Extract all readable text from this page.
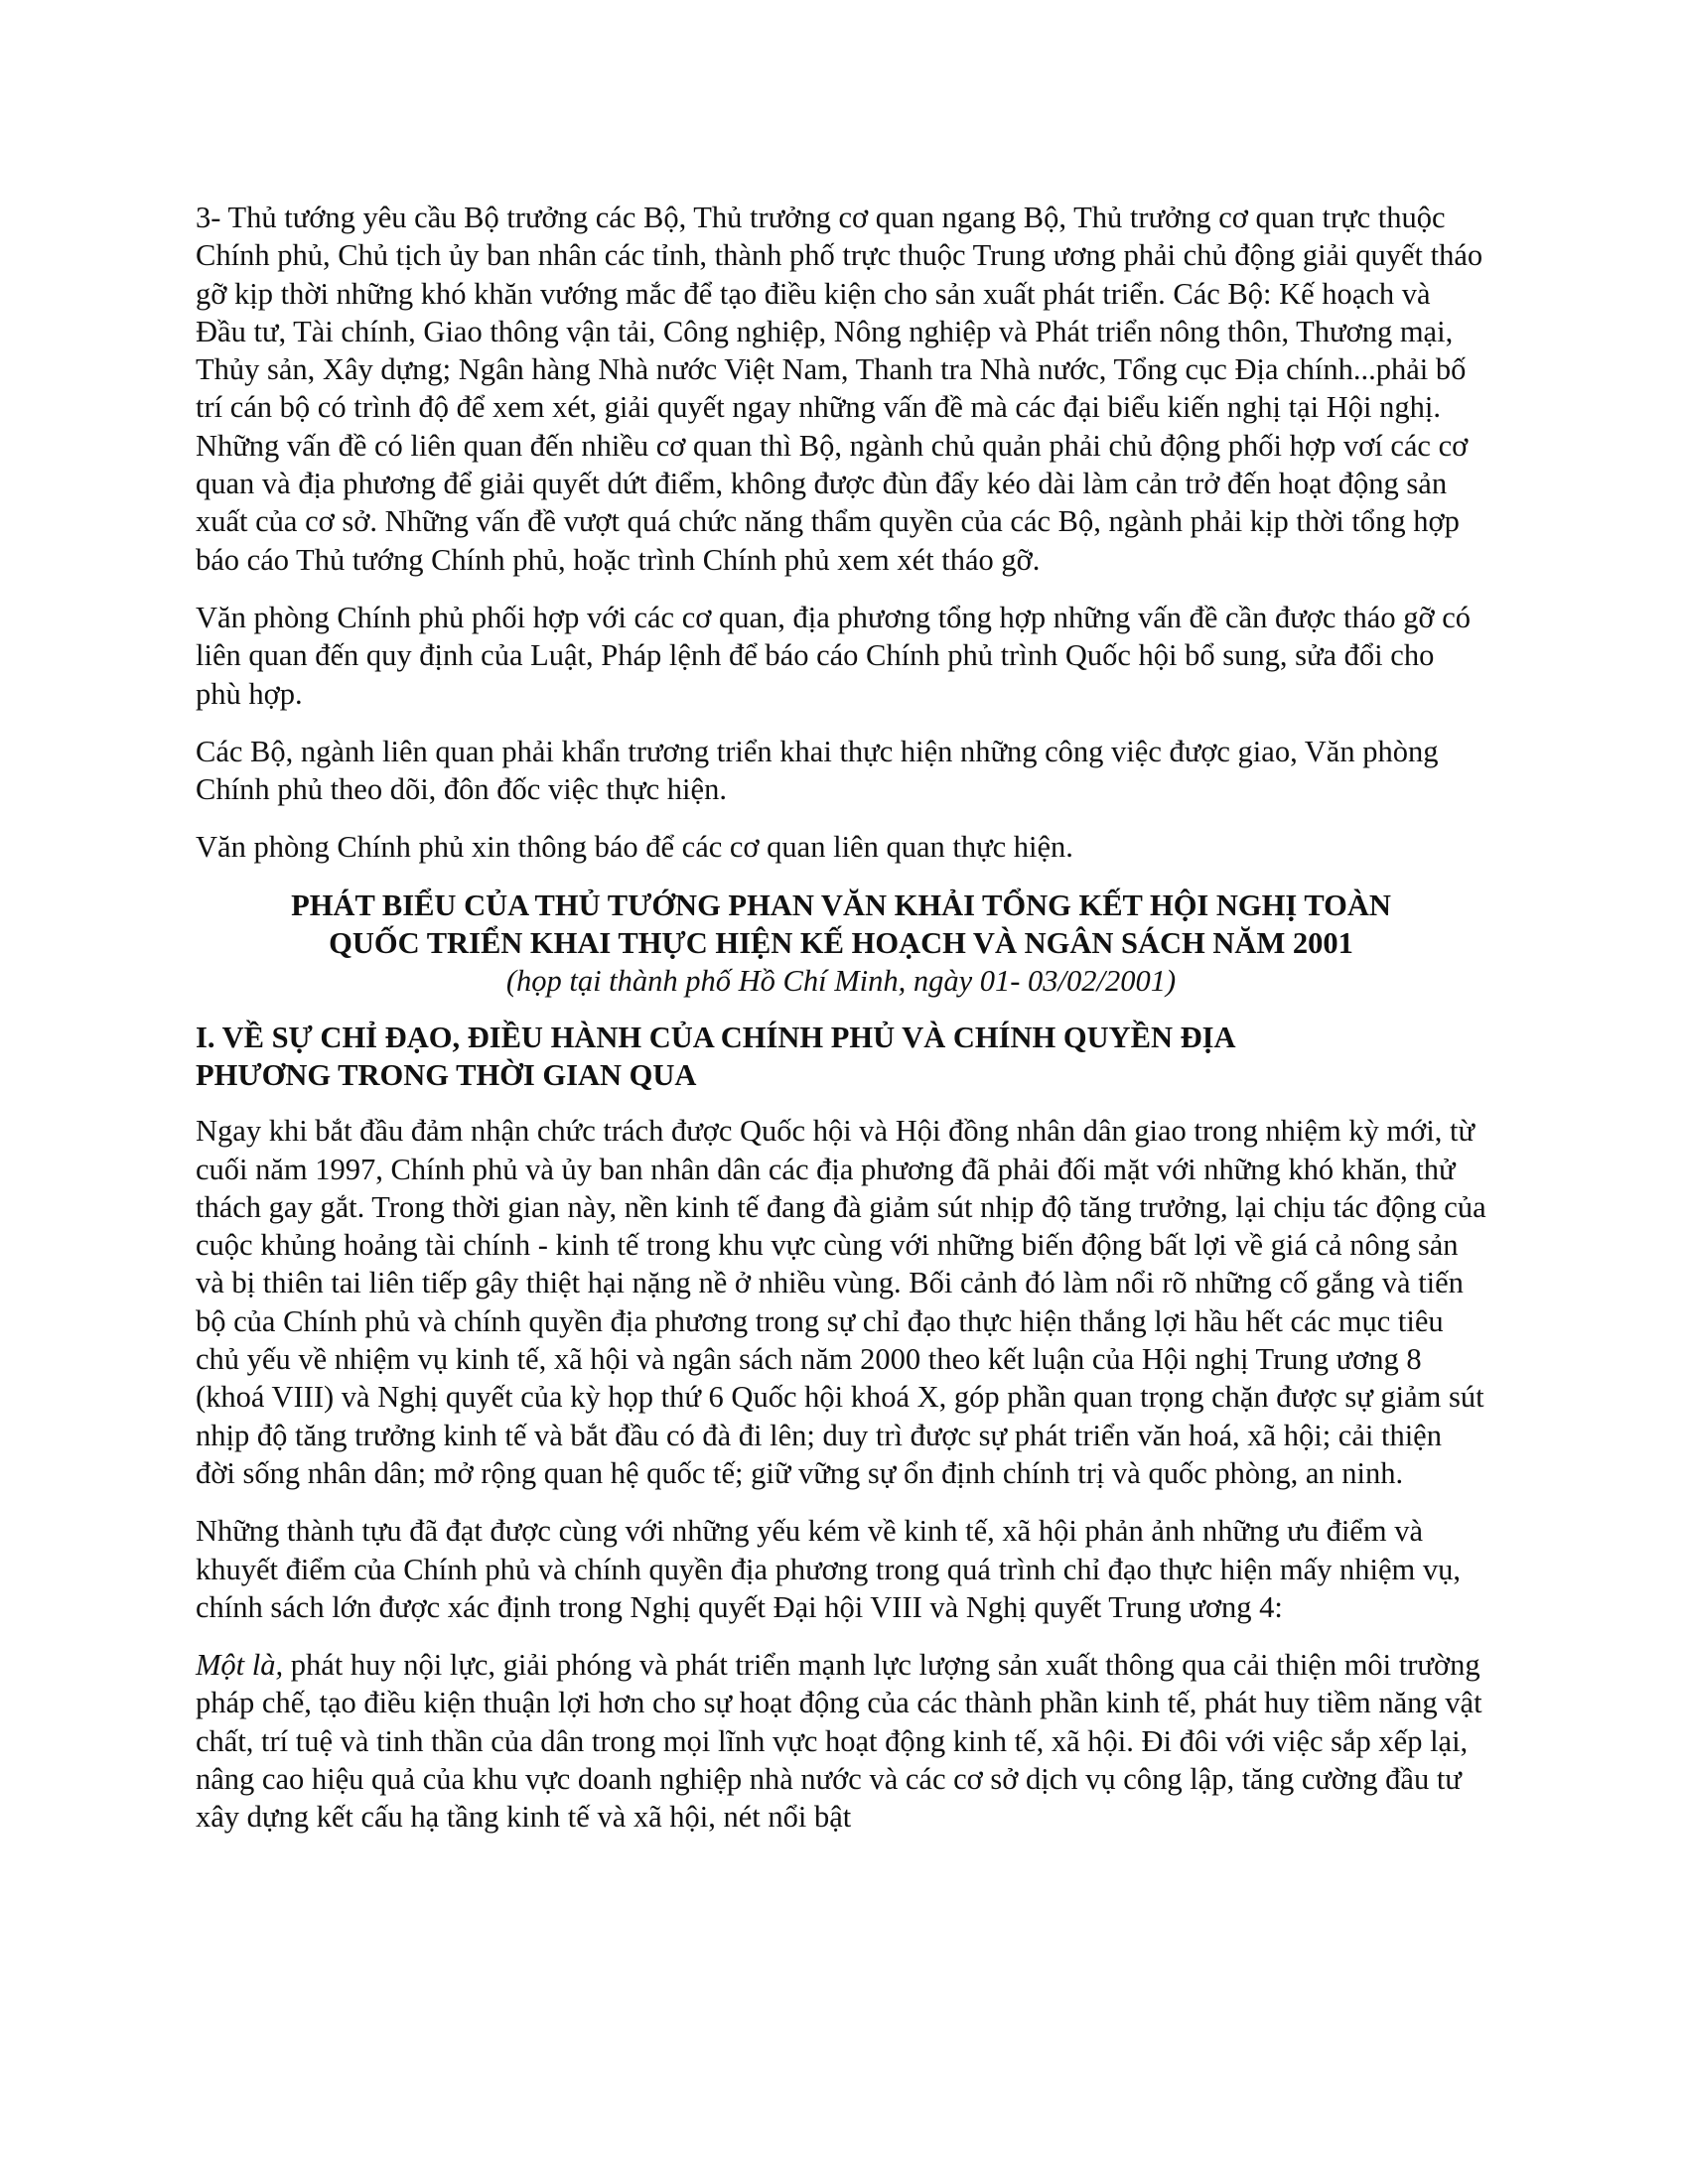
3- Thủ tướng yêu cầu Bộ trưởng các Bộ, Thủ trưởng cơ quan ngang Bộ, Thủ trưởng cơ quan trực thuộc Chính phủ, Chủ tịch ủy ban nhân các tỉnh, thành phố trực thuộc Trung ương phải chủ động giải quyết tháo gỡ kịp thời những khó khăn vướng mắc để tạo điều kiện cho sản xuất phát triển. Các Bộ: Kế hoạch và Đầu tư, Tài chính, Giao thông vận tải, Công nghiệp, Nông nghiệp và Phát triển nông thôn, Thương mại, Thủy sản, Xây dựng; Ngân hàng Nhà nước Việt Nam, Thanh tra Nhà nước, Tổng cục Địa chính...phải bố trí cán bộ có trình độ để xem xét, giải quyết ngay những vấn đề mà các đại biểu kiến nghị tại Hội nghị. Những vấn đề có liên quan đến nhiều cơ quan thì Bộ, ngành chủ quản phải chủ động phối hợp vơí các cơ quan và địa phương để giải quyết dứt điểm, không được đùn đẩy kéo dài làm cản trở đến hoạt động sản xuất của cơ sở. Những vấn đề vượt quá chức năng thẩm quyền của các Bộ, ngành phải kịp thời tổng hợp báo cáo Thủ tướng Chính phủ, hoặc trình Chính phủ xem xét tháo gỡ.

Văn phòng Chính phủ phối hợp với các cơ quan, địa phương tổng hợp những vấn đề cần được tháo gỡ có liên quan đến quy định của Luật, Pháp lệnh để báo cáo Chính phủ trình Quốc hội bổ sung, sửa đổi cho phù hợp.

Các Bộ, ngành liên quan phải khẩn trương triển khai thực hiện những công việc được giao, Văn phòng Chính phủ theo dõi, đôn đốc việc thực hiện.

Văn phòng Chính phủ xin thông báo để các cơ quan liên quan thực hiện.

PHÁT BIỂU CỦA THỦ TƯỚNG PHAN VĂN KHẢI TỔNG KẾT HỘI NGHỊ TOÀN
QUỐC TRIỂN KHAI THỰC HIỆN KẾ HOẠCH VÀ NGÂN SÁCH NĂM 2001
(họp tại thành phố Hồ Chí Minh, ngày 01- 03/02/2001)
I. VỀ SỰ CHỈ ĐẠO, ĐIỀU HÀNH CỦA CHÍNH PHỦ VÀ CHÍNH QUYỀN ĐỊA
PHƯƠNG TRONG THỜI GIAN QUA

Ngay khi bắt đầu đảm nhận chức trách được Quốc hội và Hội đồng nhân dân giao trong nhiệm kỳ mới, từ cuối năm 1997, Chính phủ và ủy ban nhân dân các địa phương đã phải đối mặt với những khó khăn, thử thách gay gắt. Trong thời gian này, nền kinh tế đang đà giảm sút nhịp độ tăng trưởng, lại chịu tác động của cuộc khủng hoảng tài chính - kinh tế trong khu vực cùng với những biến động bất lợi về giá cả nông sản và bị thiên tai liên tiếp gây thiệt hại nặng nề ở nhiều vùng. Bối cảnh đó làm nổi rõ những cố gắng và tiến bộ của Chính phủ và chính quyền địa phương trong sự chỉ đạo thực hiện thắng lợi hầu hết các mục tiêu chủ yếu về nhiệm vụ kinh tế, xã hội và ngân sách năm 2000 theo kết luận của Hội nghị Trung ương 8 (khoá VIII) và Nghị quyết của kỳ họp thứ 6 Quốc hội khoá X, góp phần quan trọng chặn được sự giảm sút nhịp độ tăng trưởng kinh tế và bắt đầu có đà đi lên; duy trì được sự phát triển văn hoá, xã hội; cải thiện đời sống nhân dân; mở rộng quan hệ quốc tế; giữ vững sự ổn định chính trị và quốc phòng, an ninh.

Những thành tựu đã đạt được cùng với những yếu kém về kinh tế, xã hội phản ảnh những ưu điểm và khuyết điểm của Chính phủ và chính quyền địa phương trong quá trình chỉ đạo thực hiện mấy nhiệm vụ, chính sách lớn được xác định trong Nghị quyết Đại hội VIII và Nghị quyết Trung ương 4:

Một là, phát huy nội lực, giải phóng và phát triển mạnh lực lượng sản xuất thông qua cải thiện môi trường pháp chế, tạo điều kiện thuận lợi hơn cho sự hoạt động của các thành phần kinh tế, phát huy tiềm năng vật chất, trí tuệ và tinh thần của dân trong mọi lĩnh vực hoạt động kinh tế, xã hội. Đi đôi với việc sắp xếp lại, nâng cao hiệu quả của khu vực doanh nghiệp nhà nước và các cơ sở dịch vụ công lập, tăng cường đầu tư xây dựng kết cấu hạ tầng kinh tế và xã hội, nét nổi bật
